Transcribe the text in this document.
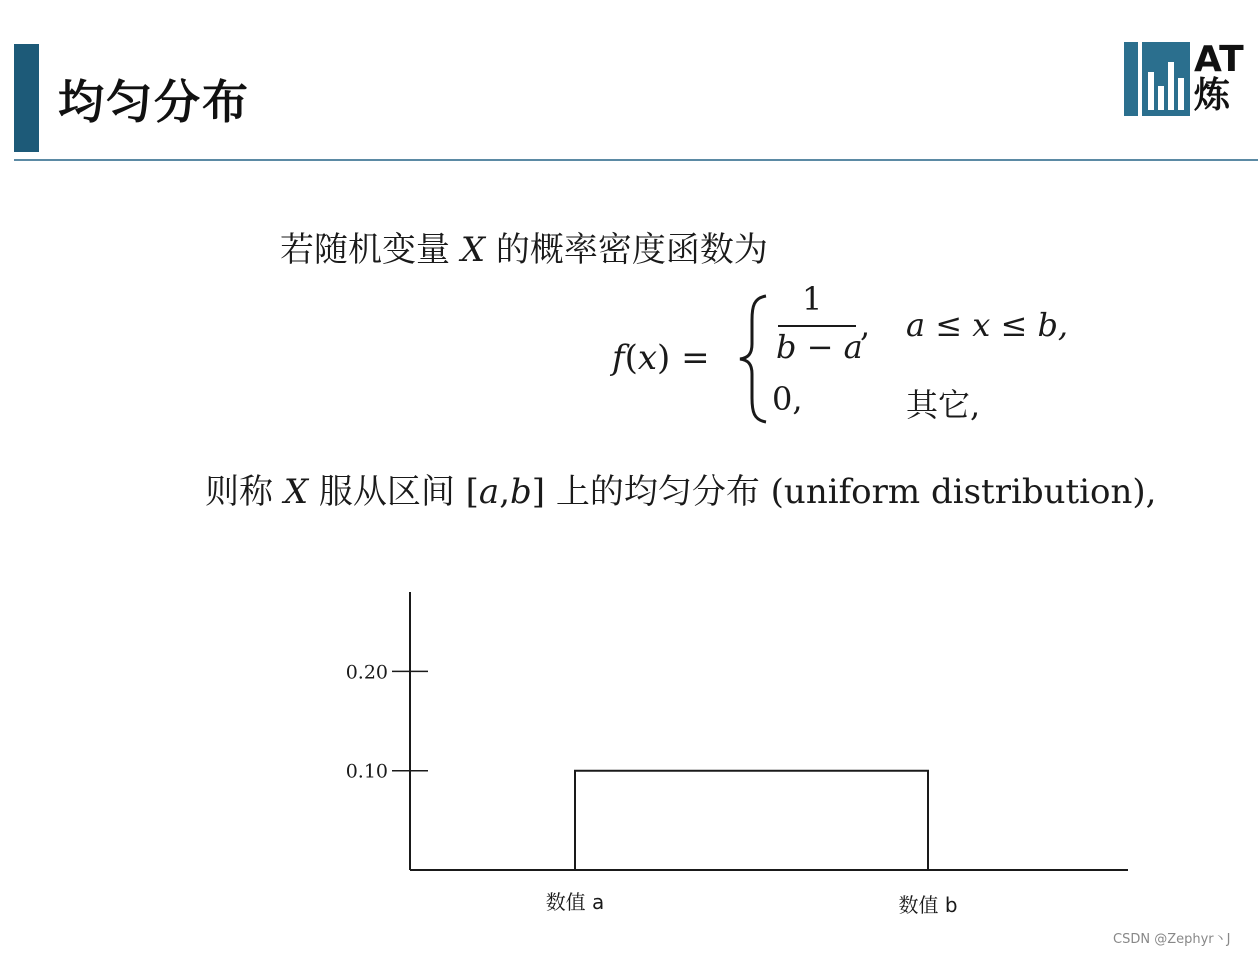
均匀分布
AT
炼
若随机变量 X 的概率密度函数为
f(x) =
1
b − a
, a ≤ x ≤ b,
0,	其它,
则称 X 服从区间 [a,b] 上的均匀分布 (uniform distribution),
0.10
0.20
数值 a	数值 b
CSDN @Zephyr丶J
